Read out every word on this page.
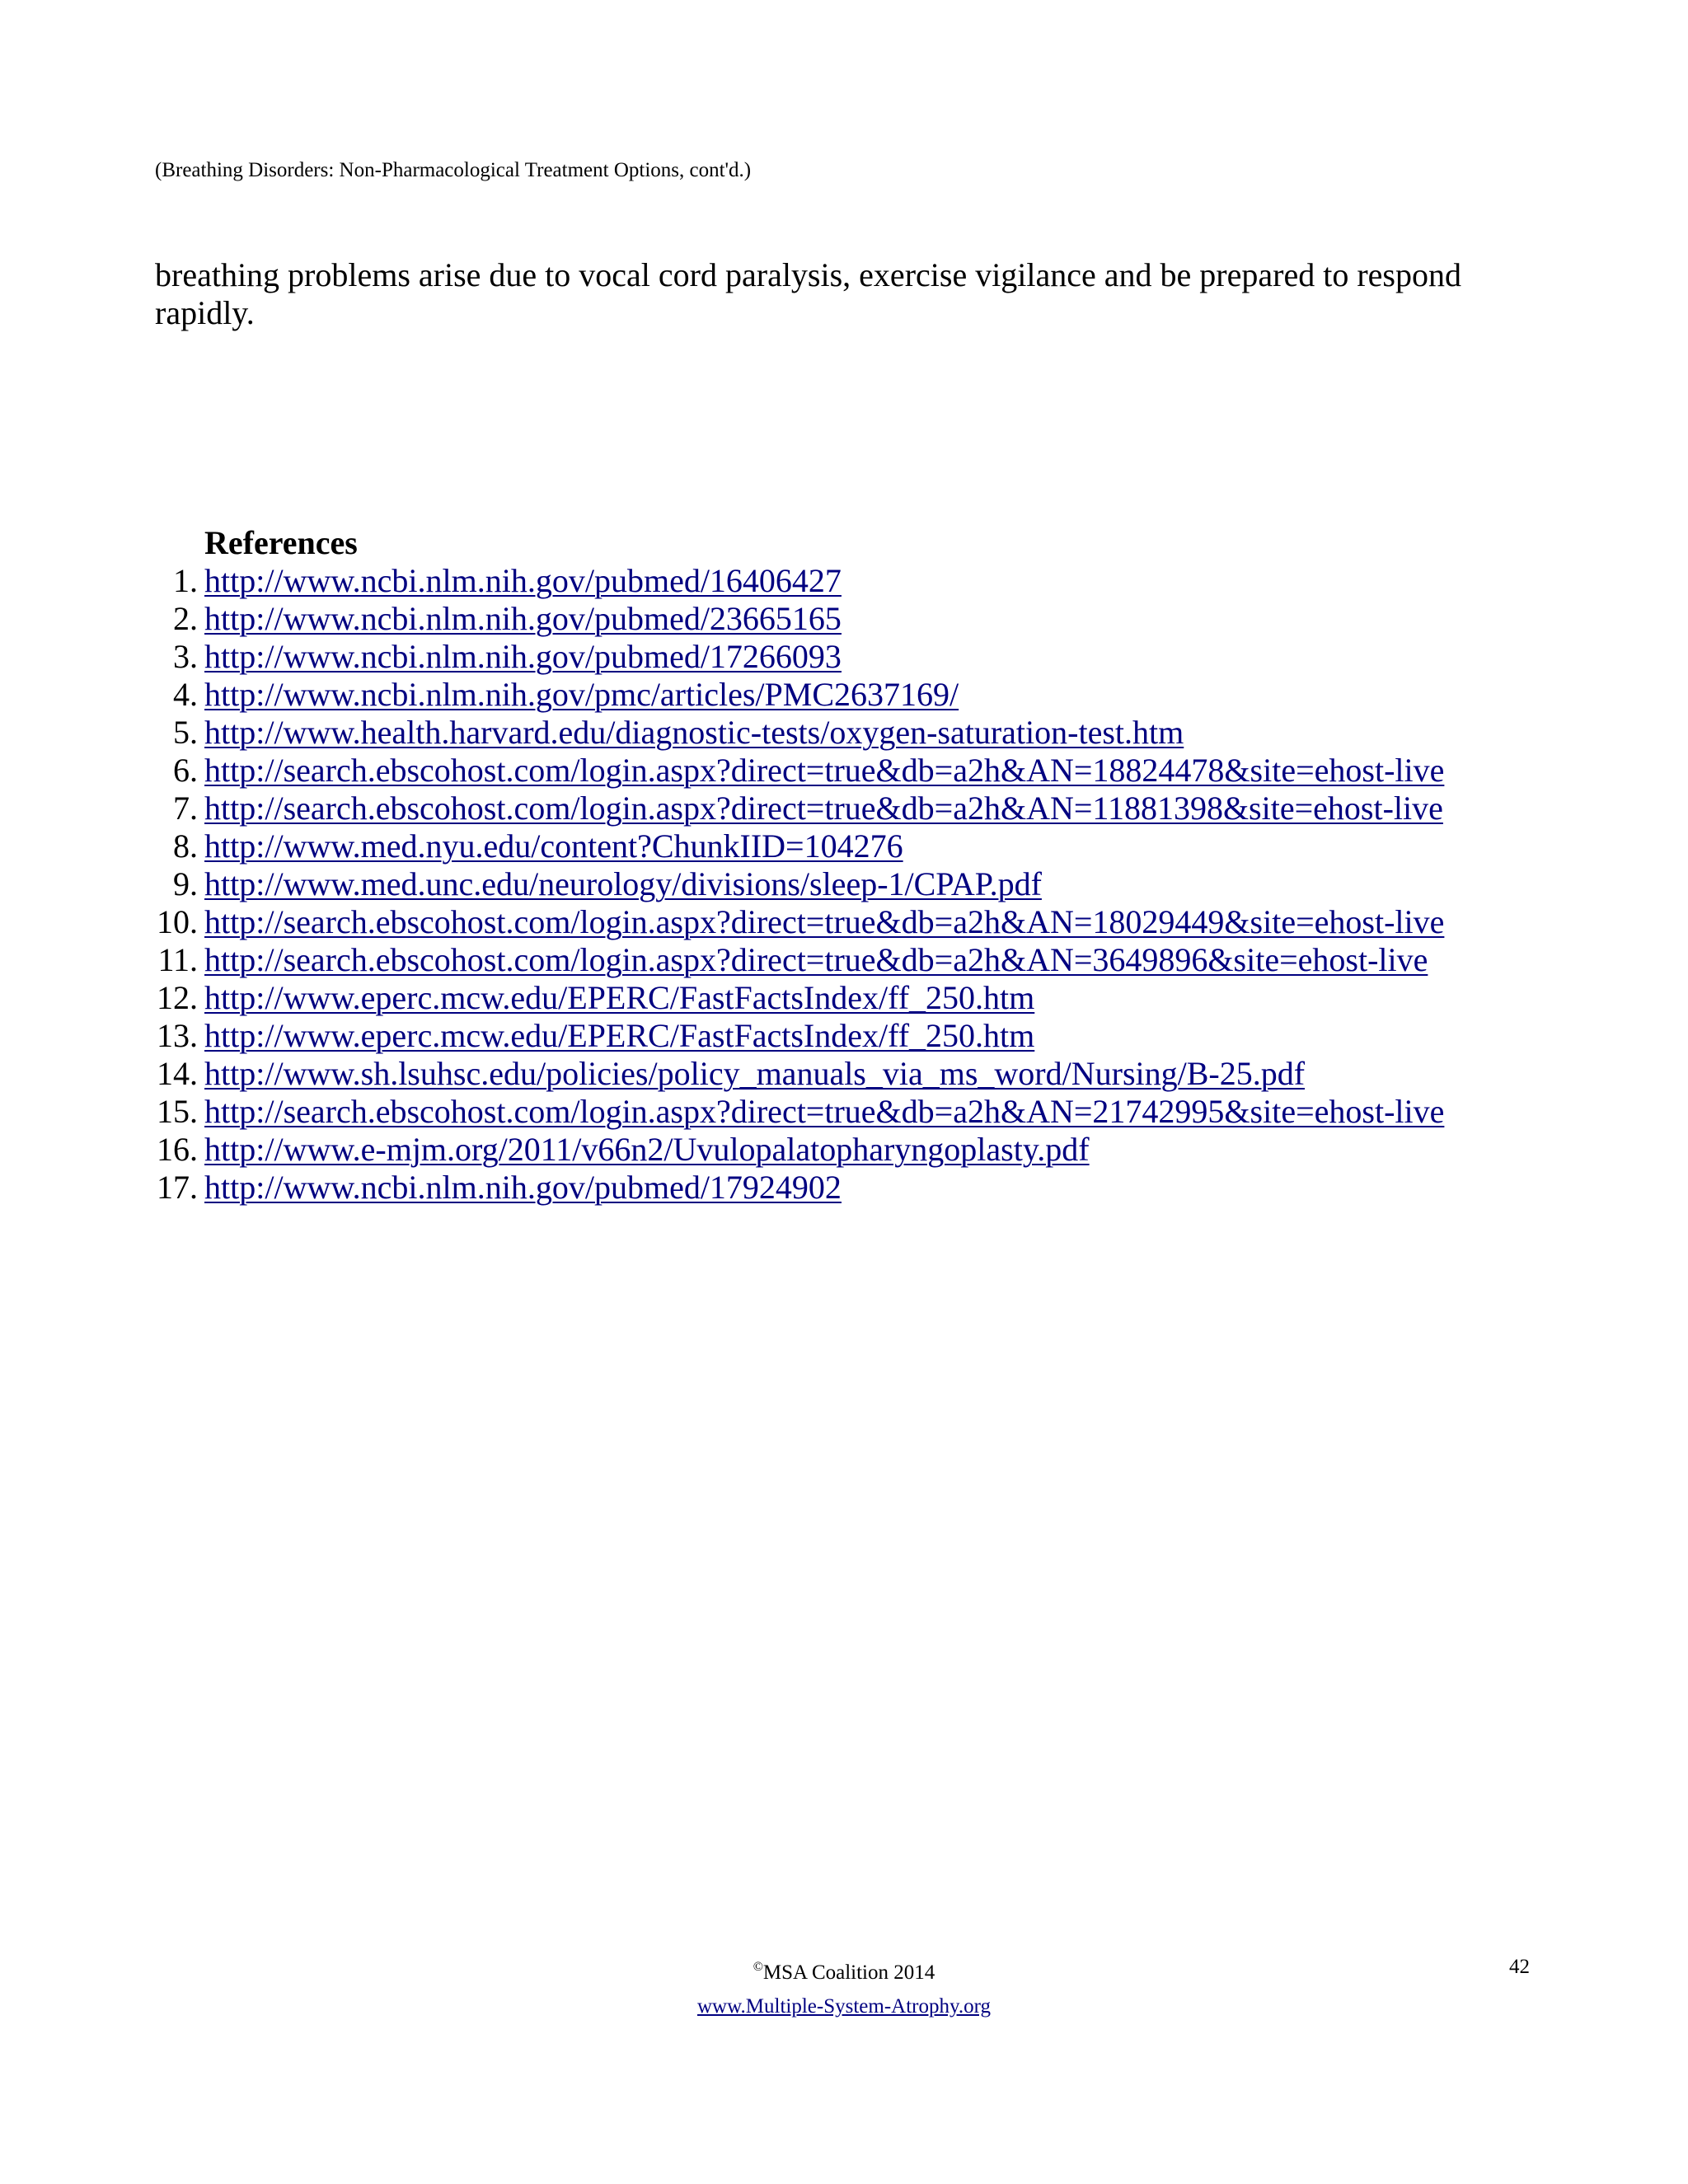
(Breathing Disorders: Non-Pharmacological Treatment Options, cont'd.)

breathing problems arise due to vocal cord paralysis, exercise vigilance and be prepared to respond rapidly.

References
1. http://www.ncbi.nlm.nih.gov/pubmed/16406427
2. http://www.ncbi.nlm.nih.gov/pubmed/23665165
3. http://www.ncbi.nlm.nih.gov/pubmed/17266093
4. http://www.ncbi.nlm.nih.gov/pmc/articles/PMC2637169/
5. http://www.health.harvard.edu/diagnostic-tests/oxygen-saturation-test.htm
6. http://search.ebscohost.com/login.aspx?direct=true&db=a2h&AN=18824478&site=ehost-live
7. http://search.ebscohost.com/login.aspx?direct=true&db=a2h&AN=11881398&site=ehost-live
8. http://www.med.nyu.edu/content?ChunkIID=104276
9. http://www.med.unc.edu/neurology/divisions/sleep-1/CPAP.pdf
10. http://search.ebscohost.com/login.aspx?direct=true&db=a2h&AN=18029449&site=ehost-live
11. http://search.ebscohost.com/login.aspx?direct=true&db=a2h&AN=3649896&site=ehost-live
12. http://www.eperc.mcw.edu/EPERC/FastFactsIndex/ff_250.htm
13. http://www.eperc.mcw.edu/EPERC/FastFactsIndex/ff_250.htm
14. http://www.sh.lsuhsc.edu/policies/policy_manuals_via_ms_word/Nursing/B-25.pdf
15. http://search.ebscohost.com/login.aspx?direct=true&db=a2h&AN=21742995&site=ehost-live
16. http://www.e-mjm.org/2011/v66n2/Uvulopalatopharyngoplasty.pdf
17. http://www.ncbi.nlm.nih.gov/pubmed/17924902
©MSA Coalition 2014	42
www.Multiple-System-Atrophy.org
